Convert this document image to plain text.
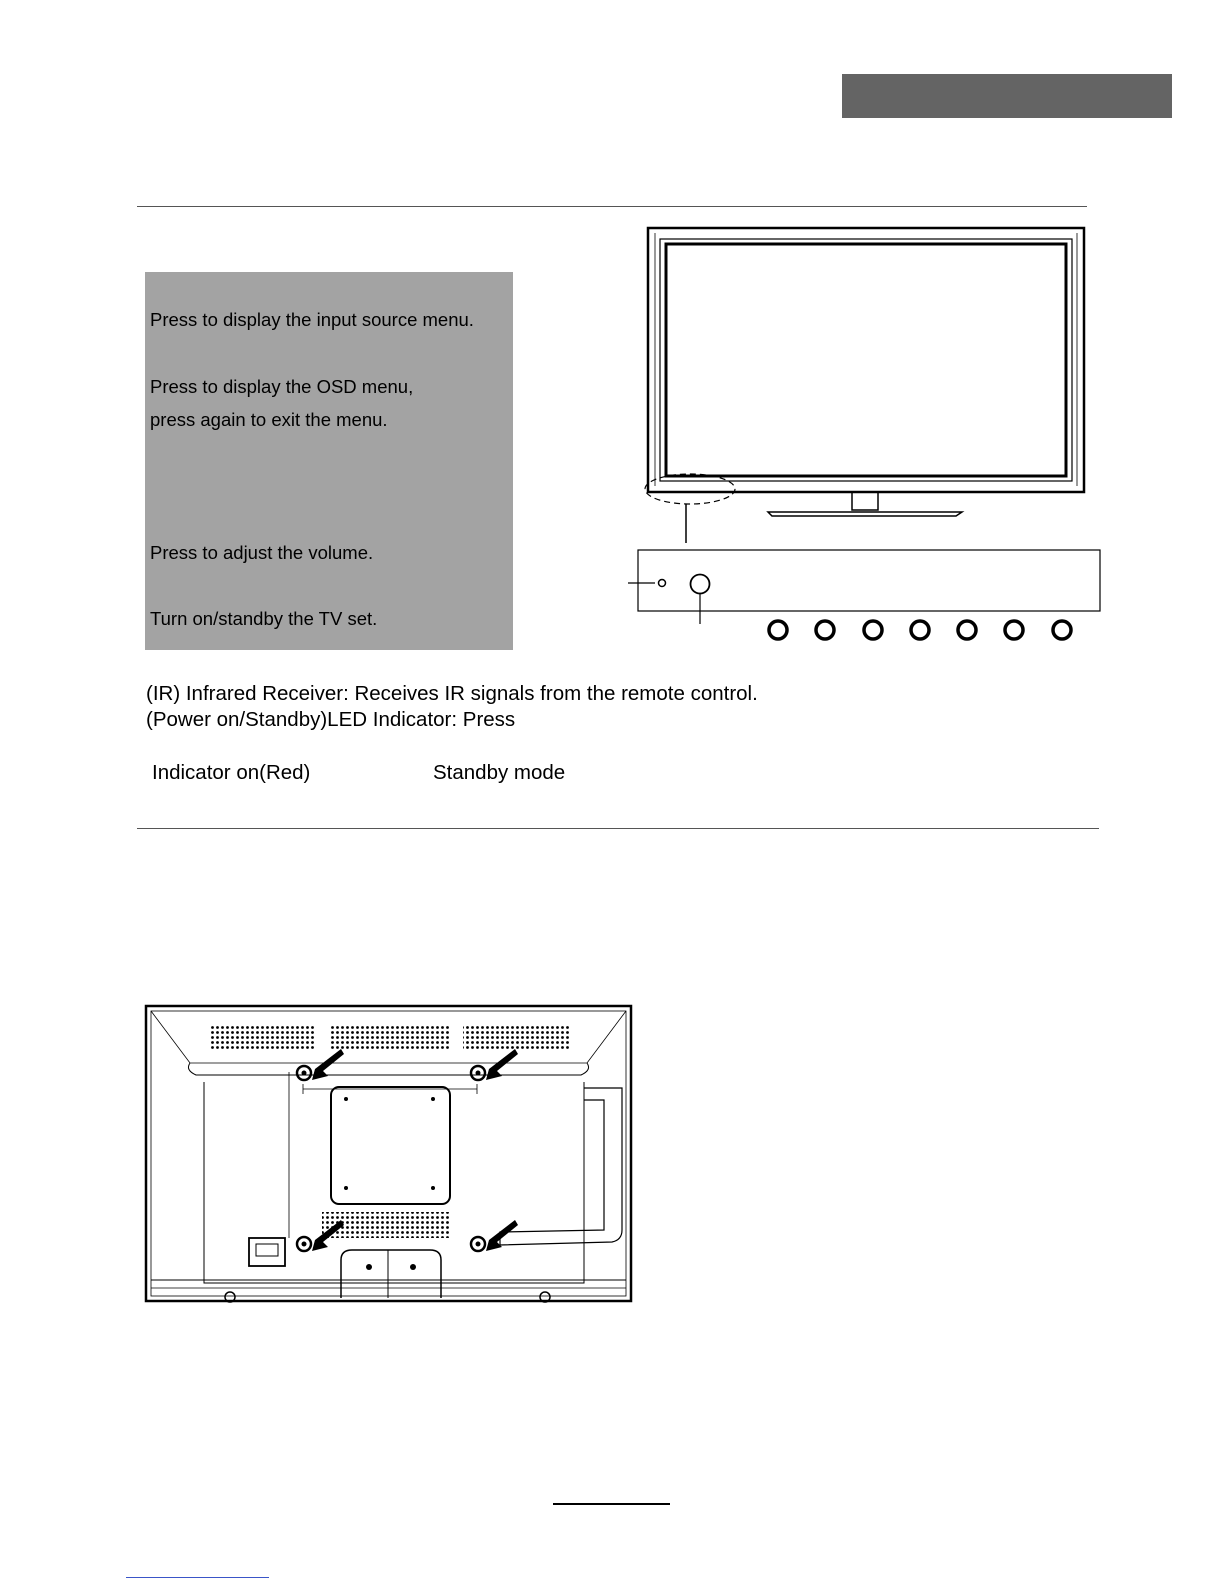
Press to display the input source menu.
Press to display the OSD menu,
press again to exit the menu.
Press to adjust the volume.
Turn on/standby the TV set.
(IR) Infrared Receiver: Receives IR signals from the remote control.
(Power on/Standby)LED Indicator: Press
Indicator on(Red)	Standby mode
